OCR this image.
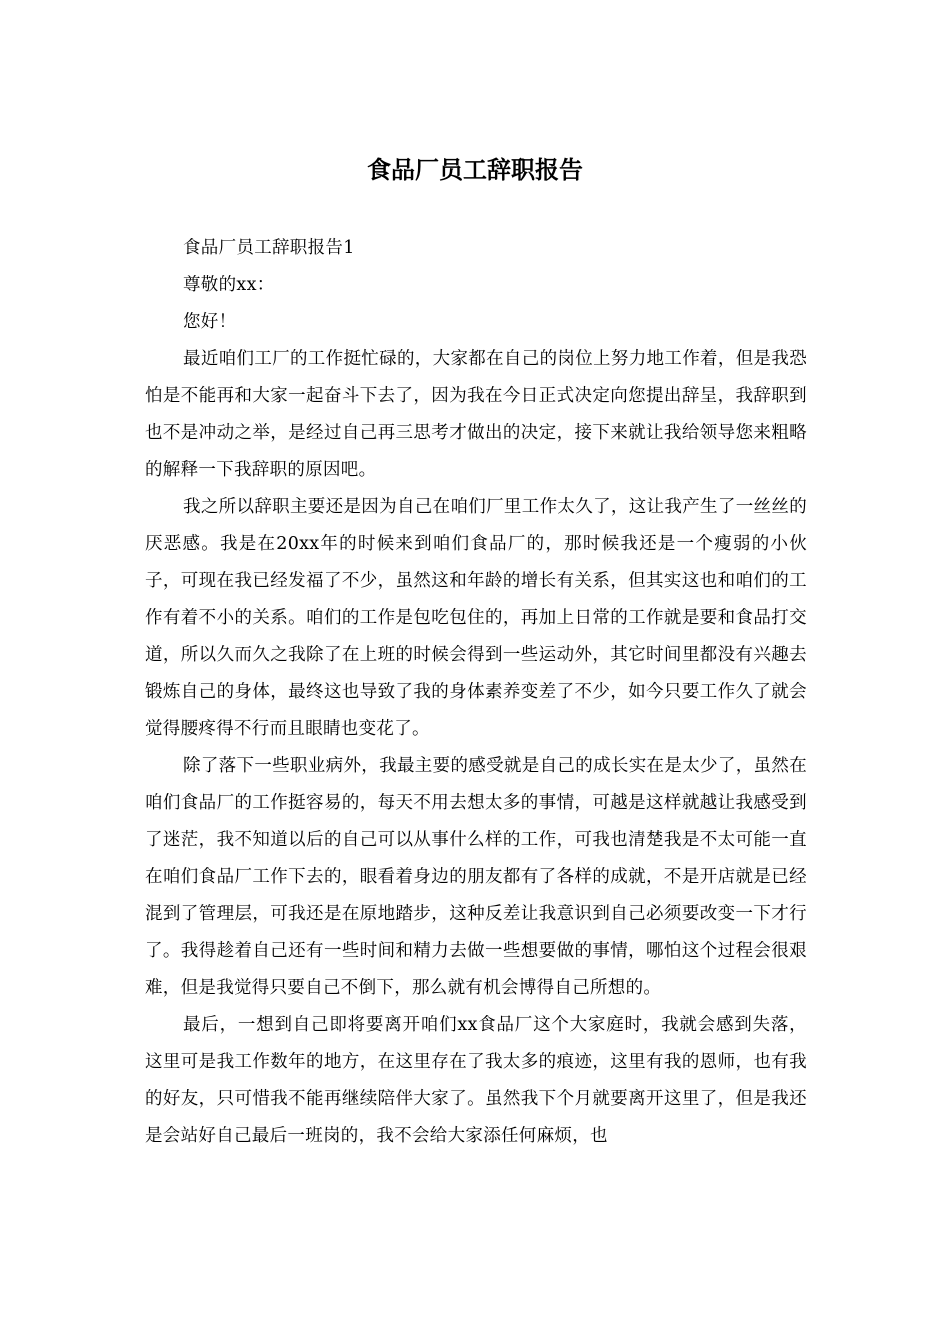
食品厂员工辞职报告

食品厂员工辞职报告1

尊敬的xx：

您好！

最近咱们工厂的工作挺忙碌的，大家都在自己的岗位上努力地工作着，但是我恐怕是不能再和大家一起奋斗下去了，因为我在今日正式决定向您提出辞呈，我辞职到也不是冲动之举，是经过自己再三思考才做出的决定，接下来就让我给领导您来粗略的解释一下我辞职的原因吧。

我之所以辞职主要还是因为自己在咱们厂里工作太久了，这让我产生了一丝丝的厌恶感。我是在20xx年的时候来到咱们食品厂的，那时候我还是一个瘦弱的小伙子，可现在我已经发福了不少，虽然这和年龄的增长有关系，但其实这也和咱们的工作有着不小的关系。咱们的工作是包吃包住的，再加上日常的工作就是要和食品打交道，所以久而久之我除了在上班的时候会得到一些运动外，其它时间里都没有兴趣去锻炼自己的身体，最终这也导致了我的身体素养变差了不少，如今只要工作久了就会觉得腰疼得不行而且眼睛也变花了。

除了落下一些职业病外，我最主要的感受就是自己的成长实在是太少了，虽然在咱们食品厂的工作挺容易的，每天不用去想太多的事情，可越是这样就越让我感受到了迷茫，我不知道以后的自己可以从事什么样的工作，可我也清楚我是不太可能一直在咱们食品厂工作下去的，眼看着身边的朋友都有了各样的成就，不是开店就是已经混到了管理层，可我还是在原地踏步，这种反差让我意识到自己必须要改变一下才行了。我得趁着自己还有一些时间和精力去做一些想要做的事情，哪怕这个过程会很艰难，但是我觉得只要自己不倒下，那么就有机会博得自己所想的。

最后，一想到自己即将要离开咱们xx食品厂这个大家庭时，我就会感到失落，这里可是我工作数年的地方，在这里存在了我太多的痕迹，这里有我的恩师，也有我的好友，只可惜我不能再继续陪伴大家了。虽然我下个月就要离开这里了，但是我还是会站好自己最后一班岗的，我不会给大家添任何麻烦，也
